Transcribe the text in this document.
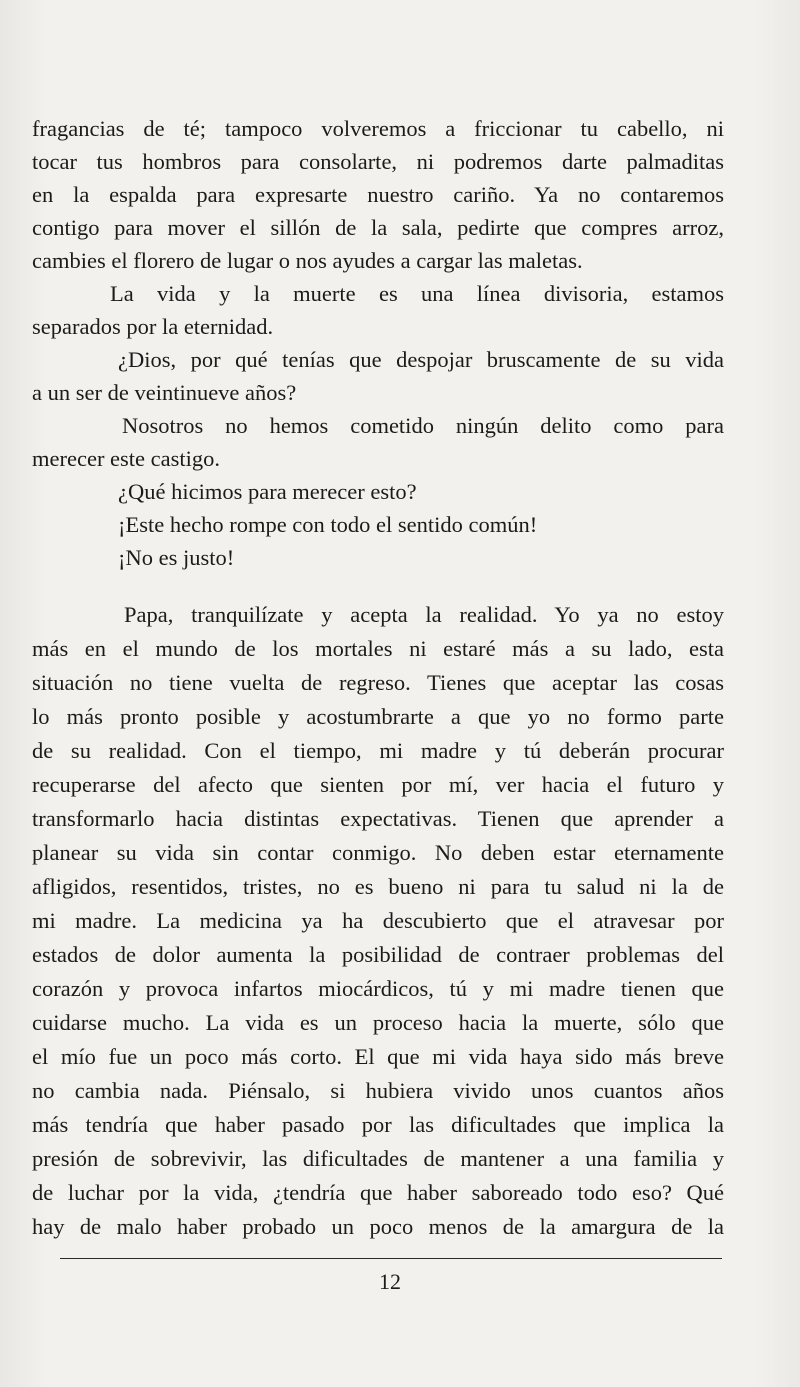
fragancias de té; tampoco volveremos a friccionar tu cabello, ni
tocar tus hombros para consolarte, ni podremos darte palmaditas
en la espalda para expresarte nuestro cariño. Ya no contaremos
contigo para mover el sillón de la sala, pedirte que compres arroz,
cambies el florero de lugar o nos ayudes a cargar las maletas.
La vida y la muerte es una línea divisoria, estamos
separados por la eternidad.
¿Dios, por qué tenías que despojar bruscamente de su vida
a un ser de veintinueve años?
Nosotros no hemos cometido ningún delito como para
merecer este castigo.
¿Qué hicimos para merecer esto?
¡Este hecho rompe con todo el sentido común!
¡No es justo!
Papa, tranquilízate y acepta la realidad. Yo ya no estoy
más en el mundo de los mortales ni estaré más a su lado, esta
situación no tiene vuelta de regreso. Tienes que aceptar las cosas
lo más pronto posible y acostumbrarte a que yo no formo parte
de su realidad. Con el tiempo, mi madre y tú deberán procurar
recuperarse del afecto que sienten por mí, ver hacia el futuro y
transformarlo hacia distintas expectativas. Tienen que aprender a
planear su vida sin contar conmigo. No deben estar eternamente
afligidos, resentidos, tristes, no es bueno ni para tu salud ni la de
mi madre. La medicina ya ha descubierto que el atravesar por
estados de dolor aumenta la posibilidad de contraer problemas del
corazón y provoca infartos miocárdicos, tú y mi madre tienen que
cuidarse mucho. La vida es un proceso hacia la muerte, sólo que
el mío fue un poco más corto. El que mi vida haya sido más breve
no cambia nada. Piénsalo, si hubiera vivido unos cuantos años
más tendría que haber pasado por las dificultades que implica la
presión de sobrevivir, las dificultades de mantener a una familia y
de luchar por la vida, ¿tendría que haber saboreado todo eso? Qué
hay de malo haber probado un poco menos de la amargura de la
12
